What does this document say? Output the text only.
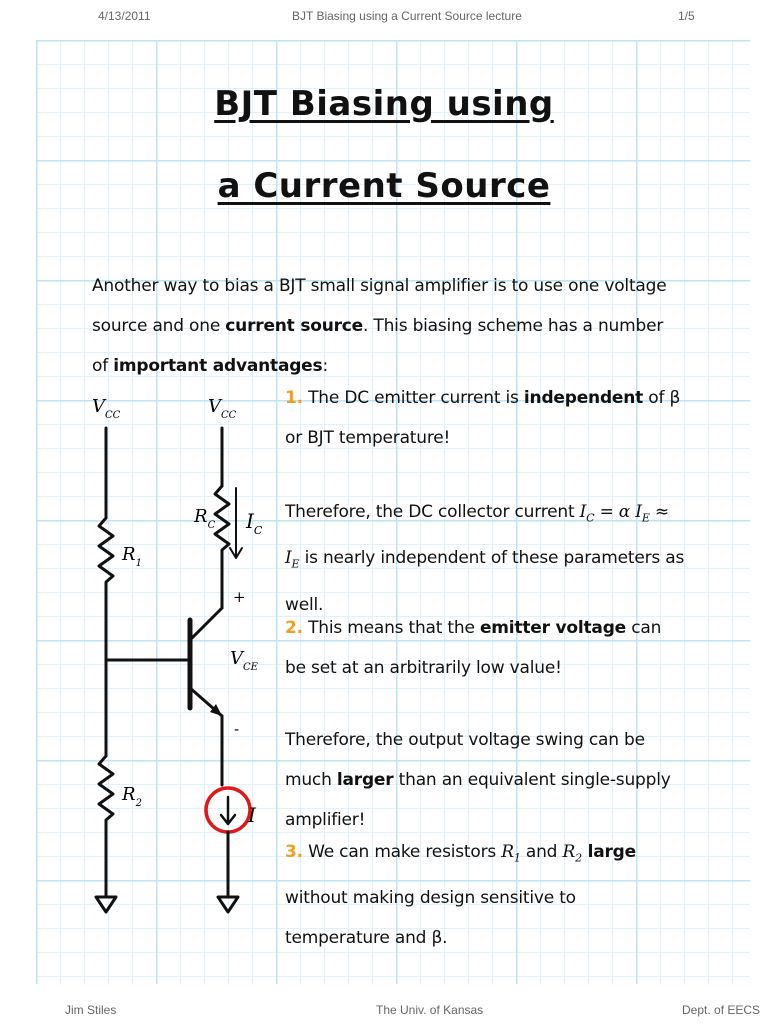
4/13/2011	BJT Biasing using a Current Source lecture	1/5
BJT Biasing using
a Current Source

Another way to bias a BJT small signal amplifier is to use one voltage source and one current source. This biasing scheme has a number of important advantages:

1. The DC emitter current is independent of β or BJT temperature!

Therefore, the DC collector current $I_C = \alpha$ $I_E \approx I_E$ is nearly independent of these parameters as well.

2. This means that the emitter voltage can be set at an arbitrarily low value!

Therefore, the output voltage swing can be much larger than an equivalent single-supply amplifier!

3. We can make resistors $R_1$ and $R_2$ large without making design sensitive to temperature and β.

$V_{CC}$	$V_{CC}$
$R_1$
$R_2$
$R_C$ $I_C$
$V_{CE}$
+
-
I
Jim Stiles	The Univ. of Kansas	Dept. of EECS
